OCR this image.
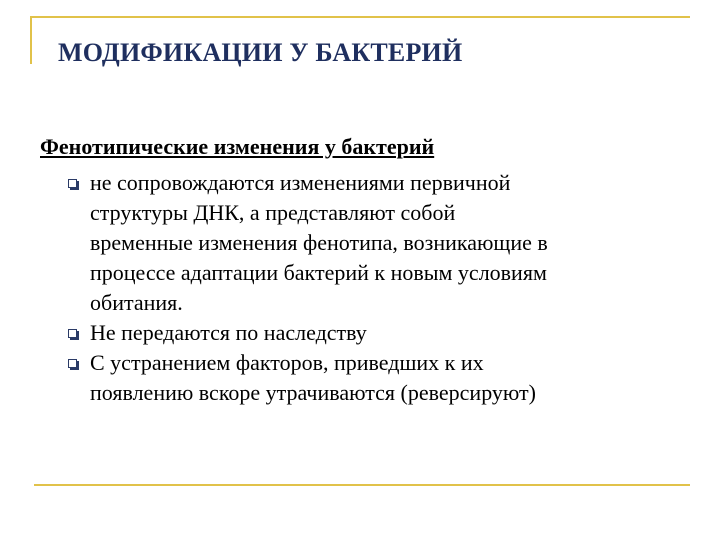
МОДИФИКАЦИИ У БАКТЕРИЙ
Фенотипические изменения у бактерий
не сопровождаются изменениями первичной
структуры ДНК, а представляют собой
временные изменения фенотипа, возникающие в
процессе адаптации бактерий к новым условиям
обитания.
Не передаются по наследству
С устранением факторов, приведших к их
появлению вскоре утрачиваются (реверсируют)
